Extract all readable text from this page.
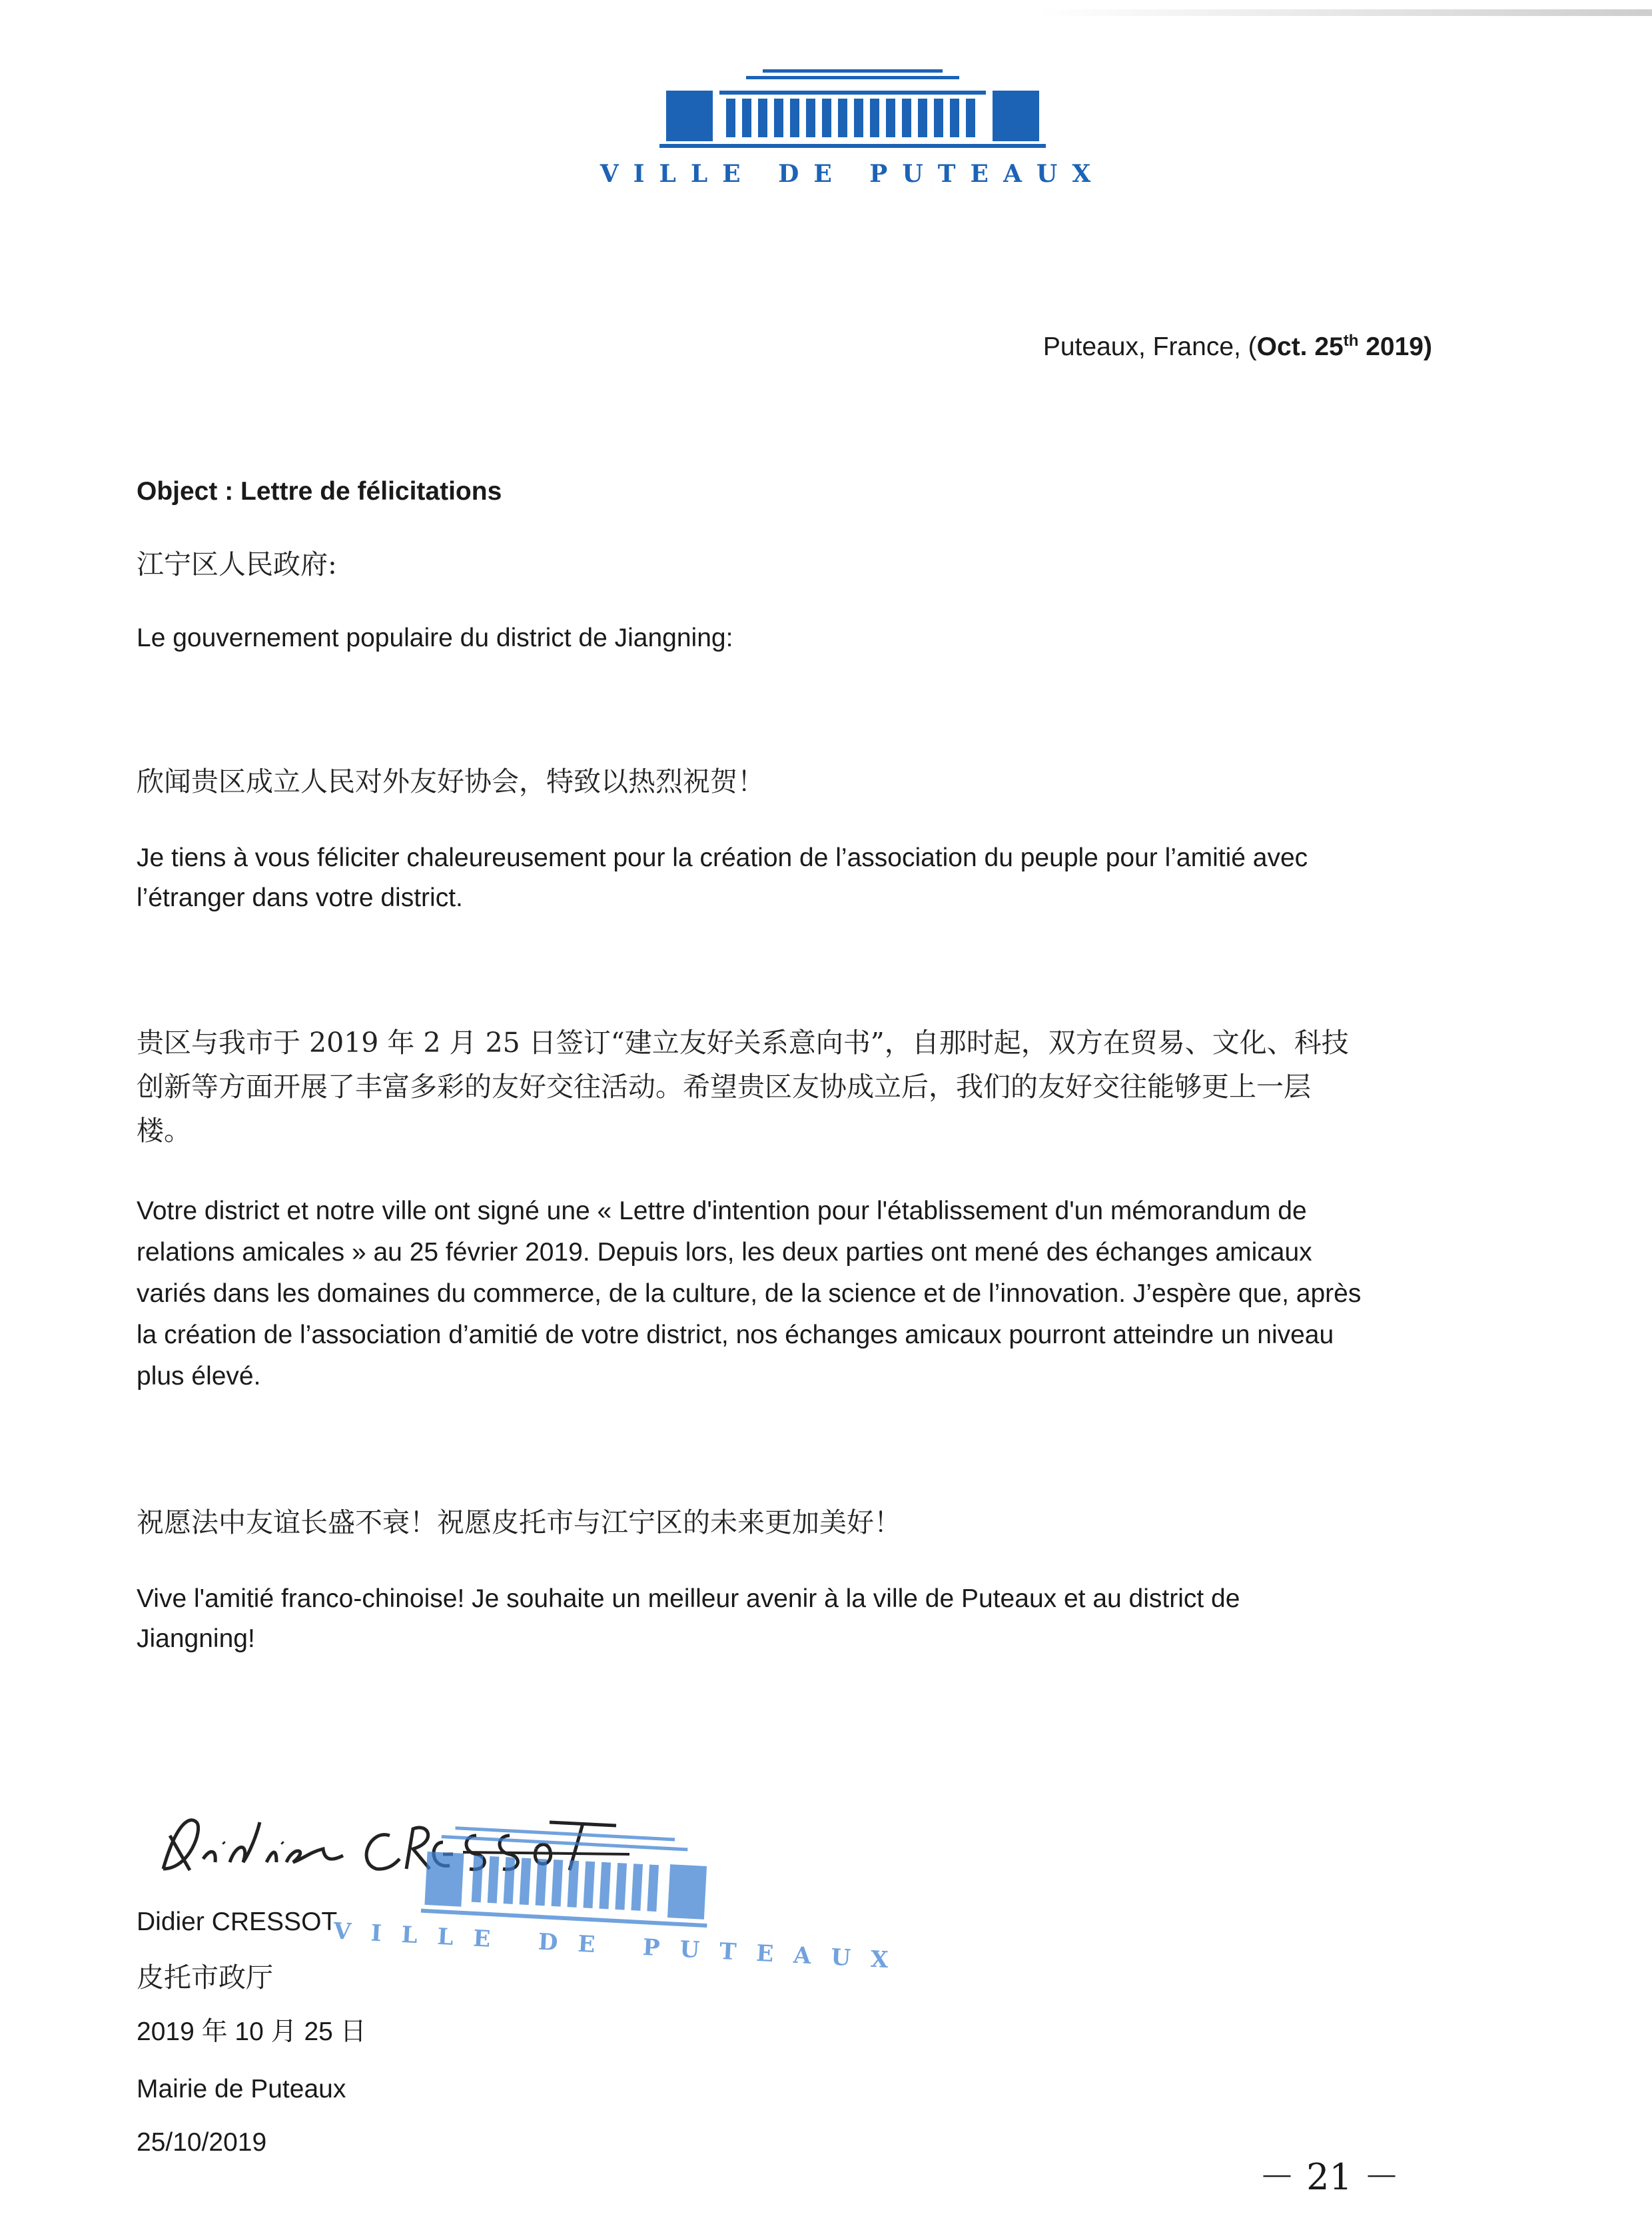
VILLE DE PUTEAUX
Puteaux, France, (Oct. 25th 2019)
Object : Lettre de félicitations
江宁区人民政府:
Le gouvernement populaire du district de Jiangning:
欣闻贵区成立人民对外友好协会，特致以热烈祝贺！
Je tiens à vous féliciter chaleureusement pour la création de l’association du peuple pour l’amitié avec
l’étranger dans votre district.
贵区与我市于 2019 年 2 月 25 日签订“建立友好关系意向书”，自那时起，双方在贸易、文化、科技
创新等方面开展了丰富多彩的友好交往活动。希望贵区友协成立后，我们的友好交往能够更上一层
楼。
Votre district et notre ville ont signé une « Lettre d'intention pour l'établissement d'un mémorandum de
relations amicales » au 25 février 2019. Depuis lors, les deux parties ont mené des échanges amicaux
variés dans les domaines du commerce, de la culture, de la science et de l’innovation. J’espère que, après
la création de l’association d’amitié de votre district, nos échanges amicaux pourront atteindre un niveau
plus élevé.
祝愿法中友谊长盛不衰！祝愿皮托市与江宁区的未来更加美好！
Vive l'amitié franco-chinoise! Je souhaite un meilleur avenir à la ville de Puteaux et au district de
Jiangning!
VILLE DE PUTEAUX
Didier CRESSOT
皮托市政厅
2019 年 10 月 25 日
Mairie de Puteaux
25/10/2019
－ 21 －
